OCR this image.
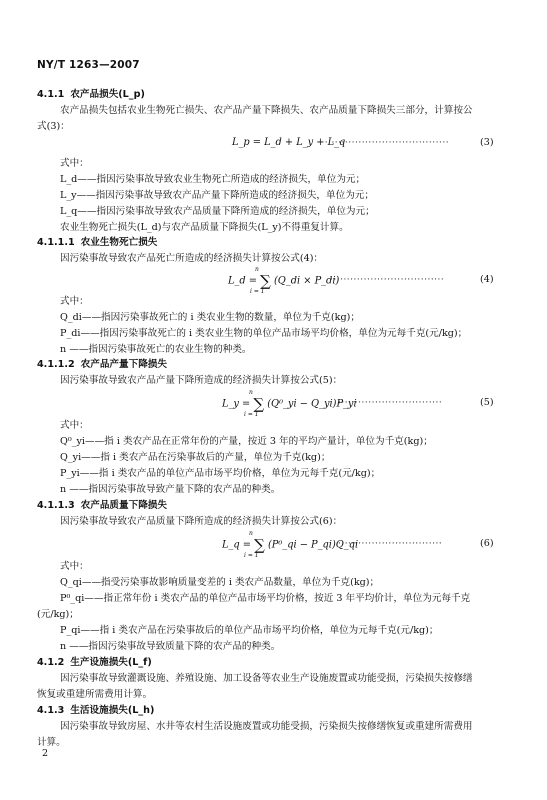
NY/T 1263—2007
4.1.1 农产品损失(L_p)
农产品损失包括农业生物死亡损失、农产品产量下降损失、农产品质量下降损失三部分，计算按公
式(3)：
L_p = L_d + L_y + L_q
·······································	(3)
式中：
L_d——指因污染事故导致农业生物死亡所造成的经济损失，单位为元；
L_y——指因污染事故导致农产品产量下降所造成的经济损失，单位为元；
L_q——指因污染事故导致农产品质量下降所造成的经济损失，单位为元；
农业生物死亡损失(L_d)与农产品质量下降损失(L_y)不得重复计算。
4.1.1.1 农业生物死亡损失
因污染事故导致农产品死亡所造成的经济损失计算按公式(4)：
L_d = ∑ (Q_di × P_di)
n
i = 1
··································	(4)
式中：
Q_di——指因污染事故死亡的 i 类农业生物的数量，单位为千克(kg)；
P_di——指因污染事故死亡的 i 类农业生物的单位产品市场平均价格，单位为元每千克(元/kg)；
n ——指因污染事故死亡的农业生物的种类。
4.1.1.2 农产品产量下降损失
因污染事故导致农产品产量下降所造成的经济损失计算按公式(5)：
L_y = ∑ (Q⁰_yi − Q_yi)P_yi
n
i = 1
·······························	(5)
式中：
Q⁰_yi——指 i 类农产品在正常年份的产量，按近 3 年的平均产量计，单位为千克(kg)；
Q_yi——指 i 类农产品在污染事故后的产量，单位为千克(kg)；
P_yi——指 i 类农产品的单位产品市场平均价格，单位为元每千克(元/kg)；
n ——指因污染事故导致产量下降的农产品的种类。
4.1.1.3 农产品质量下降损失
因污染事故导致农产品质量下降所造成的经济损失计算按公式(6)：
L_q = ∑ (P⁰_qi − P_qi)Q_qi
n
i = 1
·······························	(6)
式中：
Q_qi——指受污染事故影响质量变差的 i 类农产品数量，单位为千克(kg)；
P⁰_qi——指正常年份 i 类农产品的单位产品市场平均价格，按近 3 年平均价计，单位为元每千克
(元/kg)；
P_qi——指 i 类农产品在污染事故后的单位产品市场平均价格，单位为元每千克(元/kg)；
n ——指因污染事故导致质量下降的农产品的种类。
4.1.2 生产设施损失(L_f)
因污染事故导致灌溉设施、养殖设施、加工设备等农业生产设施废置或功能受损，污染损失按修缮
恢复或重建所需费用计算。
4.1.3 生活设施损失(L_h)
因污染事故导致房屋、水井等农村生活设施废置或功能受损，污染损失按修缮恢复或重建所需费用
计算。
2
